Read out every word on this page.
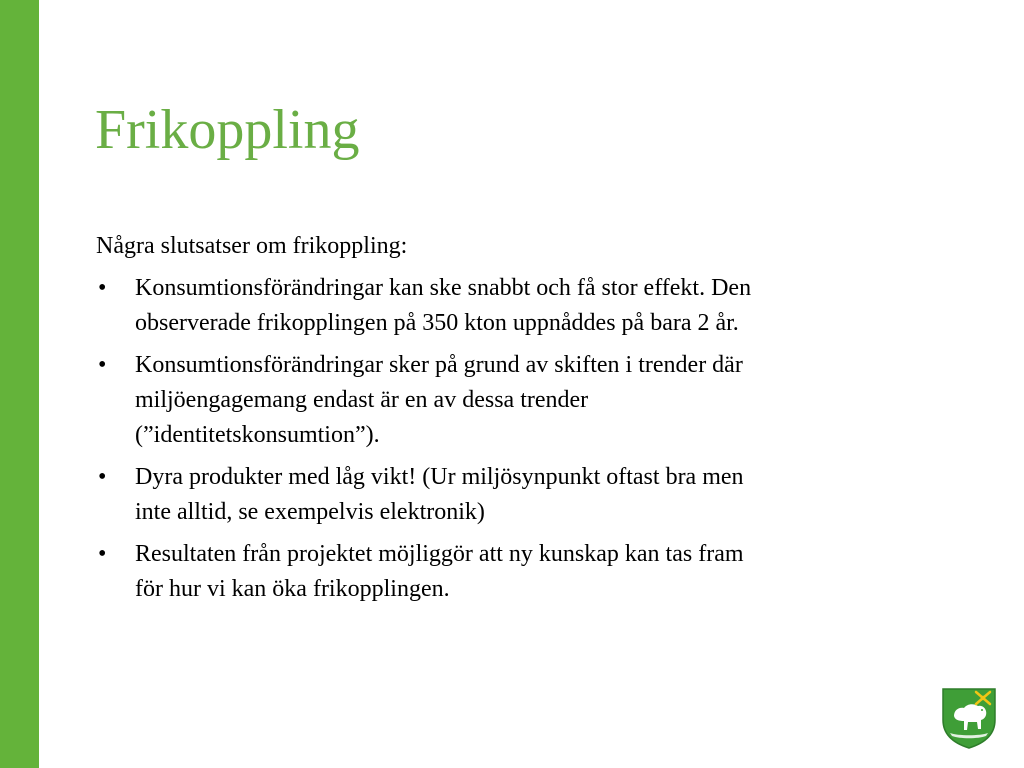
Frikoppling

Några slutsatser om frikoppling:

• Konsumtionsförändringar kan ske snabbt och få stor effekt. Den observerade frikopplingen på 350 kton uppnåddes på bara 2 år.
• Konsumtionsförändringar sker på grund av skiften i trender där miljöengagemang endast är en av dessa trender (”identitetskonsumtion”).
• Dyra produkter med låg vikt! (Ur miljösynpunkt oftast bra men inte alltid, se exempelvis elektronik)
• Resultaten från projektet möjliggör att ny kunskap kan tas fram för hur vi kan öka frikopplingen.
